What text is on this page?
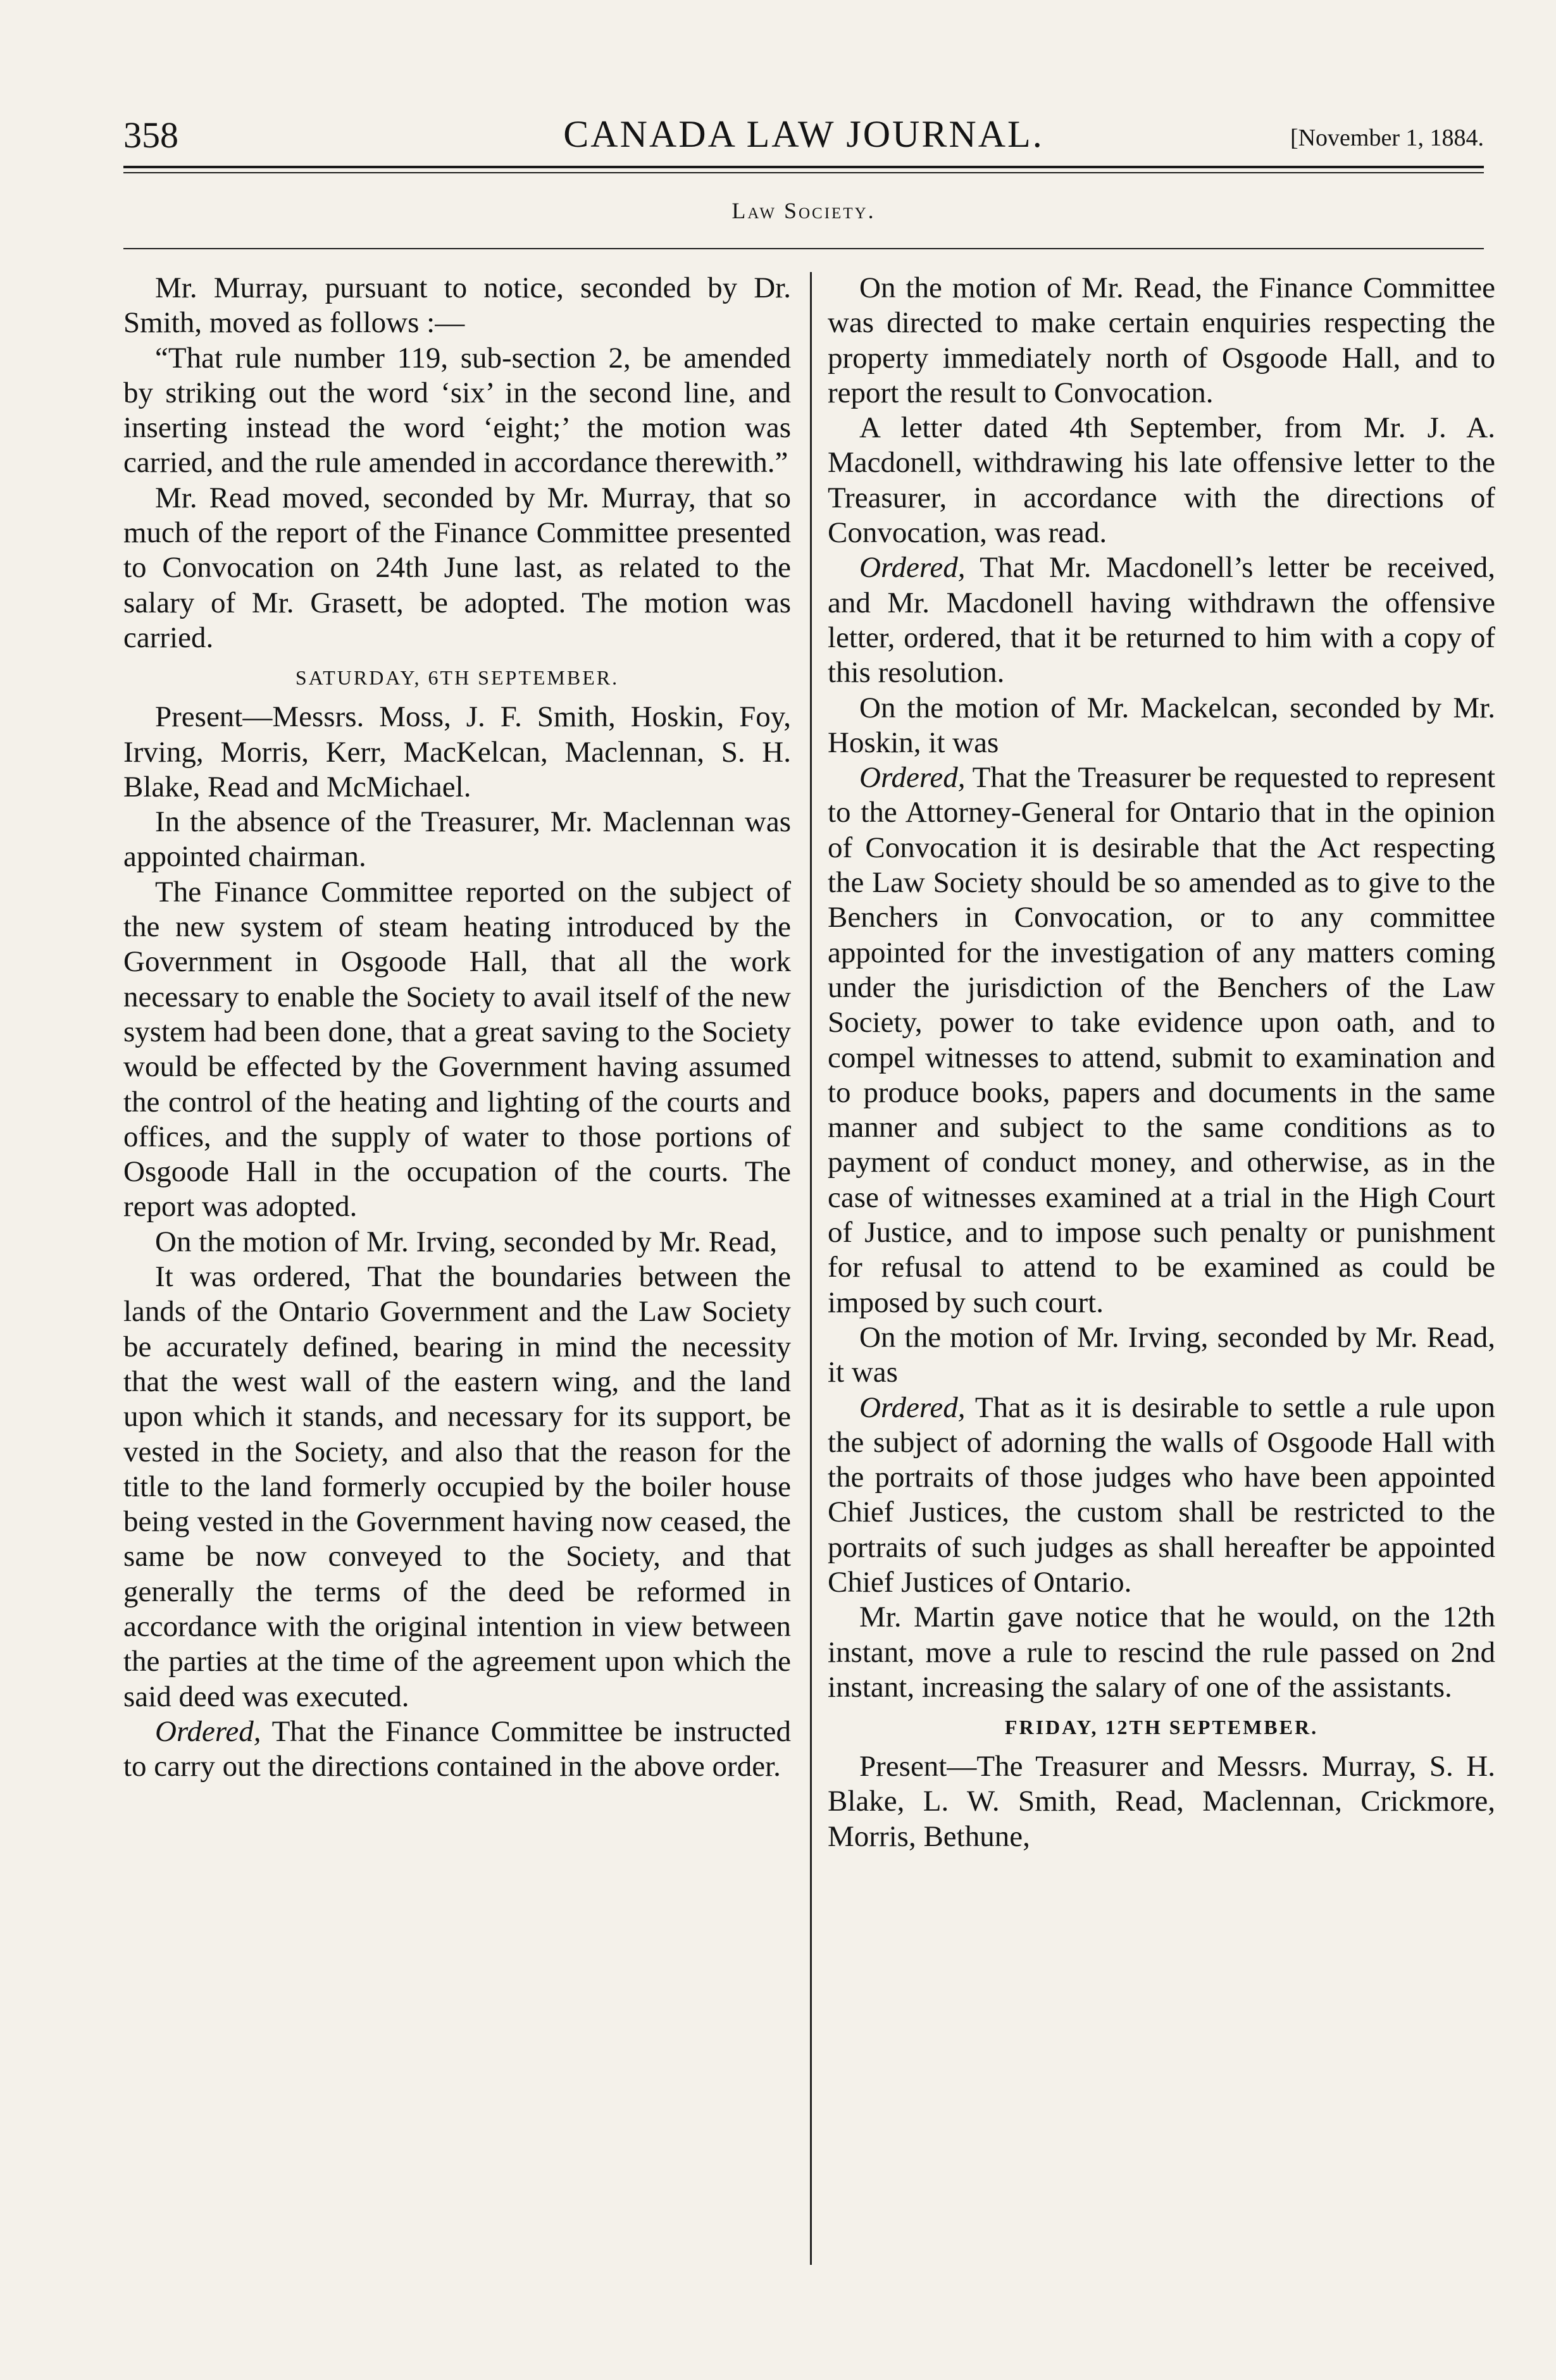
358	CANADA LAW JOURNAL.	[November 1, 1884.
Law Society.

Mr. Murray, pursuant to notice, seconded by Dr. Smith, moved as follows :—

“That rule number 119, sub-section 2, be amended by striking out the word ‘six’ in the second line, and inserting instead the word ‘eight;’ the motion was carried, and the rule amended in accordance therewith.”

Mr. Read moved, seconded by Mr. Murray, that so much of the report of the Finance Committee presented to Convocation on 24th June last, as related to the salary of Mr. Grasett, be adopted. The motion was carried.

SATURDAY, 6TH SEPTEMBER.

Present—Messrs. Moss, J. F. Smith, Hoskin, Foy, Irving, Morris, Kerr, MacKelcan, Maclennan, S. H. Blake, Read and McMichael.

In the absence of the Treasurer, Mr. Maclennan was appointed chairman.

The Finance Committee reported on the subject of the new system of steam heating introduced by the Government in Osgoode Hall, that all the work necessary to enable the Society to avail itself of the new system had been done, that a great saving to the Society would be effected by the Government having assumed the control of the heating and lighting of the courts and offices, and the supply of water to those portions of Osgoode Hall in the occupation of the courts. The report was adopted.

On the motion of Mr. Irving, seconded by Mr. Read,

It was ordered, That the boundaries between the lands of the Ontario Government and the Law Society be accurately defined, bearing in mind the necessity that the west wall of the eastern wing, and the land upon which it stands, and necessary for its support, be vested in the Society, and also that the reason for the title to the land formerly occupied by the boiler house being vested in the Government having now ceased, the same be now conveyed to the Society, and that generally the terms of the deed be reformed in accordance with the original intention in view between the parties at the time of the agreement upon which the said deed was executed.

Ordered, That the Finance Committee be instructed to carry out the directions contained in the above order.

On the motion of Mr. Read, the Finance Committee was directed to make certain enquiries respecting the property immediately north of Osgoode Hall, and to report the result to Convocation.

A letter dated 4th September, from Mr. J. A. Macdonell, withdrawing his late offensive letter to the Treasurer, in accordance with the directions of Convocation, was read.

Ordered, That Mr. Macdonell’s letter be received, and Mr. Macdonell having withdrawn the offensive letter, ordered, that it be returned to him with a copy of this resolution.

On the motion of Mr. Mackelcan, seconded by Mr. Hoskin, it was

Ordered, That the Treasurer be requested to represent to the Attorney-General for Ontario that in the opinion of Convocation it is desirable that the Act respecting the Law Society should be so amended as to give to the Benchers in Convocation, or to any committee appointed for the investigation of any matters coming under the jurisdiction of the Benchers of the Law Society, power to take evidence upon oath, and to compel witnesses to attend, submit to examination and to produce books, papers and documents in the same manner and subject to the same conditions as to payment of conduct money, and otherwise, as in the case of witnesses examined at a trial in the High Court of Justice, and to impose such penalty or punishment for refusal to attend to be examined as could be imposed by such court.

On the motion of Mr. Irving, seconded by Mr. Read, it was

Ordered, That as it is desirable to settle a rule upon the subject of adorning the walls of Osgoode Hall with the portraits of those judges who have been appointed Chief Justices, the custom shall be restricted to the portraits of such judges as shall hereafter be appointed Chief Justices of Ontario.

Mr. Martin gave notice that he would, on the 12th instant, move a rule to rescind the rule passed on 2nd instant, increasing the salary of one of the assistants.

FRIDAY, 12TH SEPTEMBER.

Present—The Treasurer and Messrs. Murray, S. H. Blake, L. W. Smith, Read, Maclennan, Crickmore, Morris, Bethune,
